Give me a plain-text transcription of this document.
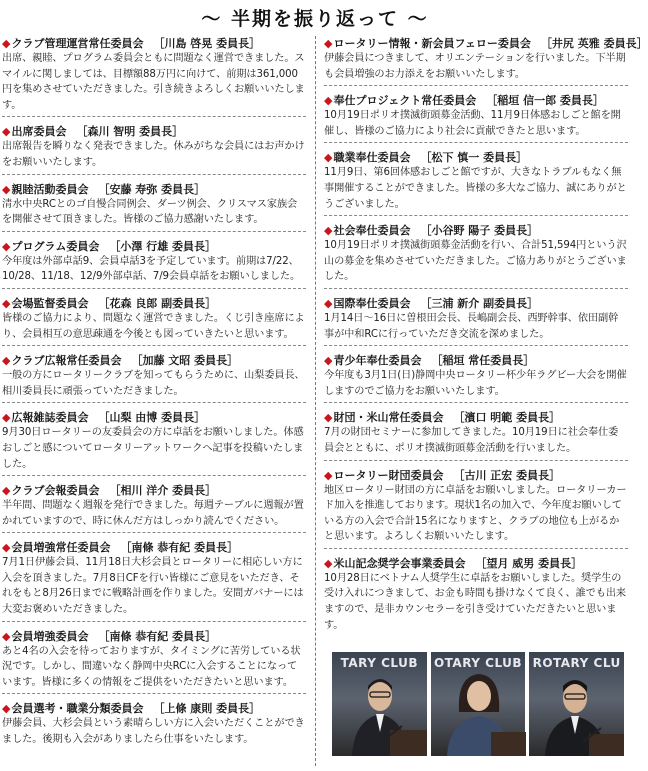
～ 半期を振り返って ～
◆クラブ管理運営常任委員会 ［川島 啓晃 委員長］
出席、親睦、プログラム委員会ともに問題なく運営できました。スマイルに関しましては、目標額88万円に向けて、前期は361,000円を集めさせていただきました。引き続きよろしくお願いいたします。
◆出席委員会 ［森川 智明 委員長］
出席報告を瞬りなく発表できました。休みがちな会員にはお声かけをお願いいたします。
◆親睦活動委員会 ［安藤 寿弥 委員長］
清水中央RCとのゴ自慢合同例会、ダーツ例会、クリスマス家族会を開催させて頂きました。皆様のご協力感謝いたします。
◆プログラム委員会 ［小澤 行雄 委員長］
今年度は外部卓話9、会員卓話3を予定しています。前期は7/22、10/28、11/18、12/9外部卓話、7/9会員卓話をお願いしました。
◆会場監督委員会 ［花森 良郎 副委員長］
皆様のご協力により、問題なく運営できました。くじ引き座席により、会員相互の意思疎通を今後とも図っていきたいと思います。
◆クラブ広報常任委員会 ［加藤 文昭 委員長］
一般の方にロータリークラブを知ってもらうために、山梨委員長、相川委員長に頑張っていただきました。
◆広報雑誌委員会 ［山梨 由博 委員長］
9月30日ロータリーの友委員会の方に卓話をお願いしました。体感おしごと感についてロータリーアットワークへ記事を投稿いたしました。
◆クラブ会報委員会 ［相川 洋介 委員長］
半年間、問題なく週報を発行できました。毎週テーブルに週報が置かれていますので、時に休んだ方はしっかり読んでください。
◆会員増強常任委員会 ［南條 恭有紀 委員長］
7月1日伊藤会員、11月18日大杉会員とロータリーに相応しい方に入会を頂きました。7月8日CFを行い皆様にご意見をいただき、それをもと8月26日までに戦略計画を作りました。安間ガバナーには大変お褒めいただきました。
◆会員増強委員会 ［南條 恭有紀 委員長］
あと4名の入会を待っておりますが、タイミングに苦労している状況です。しかし、間違いなく静岡中央RCに入会することになっています。皆様に多くの情報をご提供をいただきたいと思います。
◆会員選考・職業分類委員会 ［上條 康則 委員長］
伊藤会員、大杉会員という素晴らしい方に入会いただくことができました。後期も入会がありましたら仕事をいたします。
◆ロータリー情報・新会員フェロー委員会 ［井尻 英雅 委員長］
伊藤会員につきまして、オリエンテーションを行いました。下半期も会員増強のお力添えをお願いいたします。
◆奉仕プロジェクト常任委員会 ［稲垣 信一郎 委員長］
10月19日ポリオ撲滅街頭募金活動、11月9日体感おしごと館を開催し、皆様のご協力により社会に貢献できたと思います。
◆職業奉仕委員会 ［松下 慎一 委員長］
11月9日、第6回体感おしごと館ですが、大きなトラブルもなく無事開催することができました。皆様の多大なご協力、誠にありがとうございました。
◆社会奉仕委員会 ［小谷野 陽子 委員長］
10月19日ポリオ撲滅街頭募金活動を行い、合計51,594円という沢山の募金を集めさせていただきました。ご協力ありがとうございました。
◆国際奉仕委員会 ［三浦 新介 副委員長］
1月14日～16日に曽根田会長、長嶋副会長、西野幹事、依田副幹事が中和RCに行っていただき交流を深めました。
◆青少年奉仕委員会 ［稲垣 常任委員長］
今年度も3月1日(日)静岡中央ロータリー杯少年ラグビー大会を開催しますのでご協力をお願いいたします。
◆財団・米山常任委員会 ［濱口 明範 委員長］
7月の財団セミナーに参加してきました。10月19日に社会奉仕委員会とともに、ポリオ撲滅街頭募金活動を行いました。
◆ロータリー財団委員会 ［古川 正宏 委員長］
地区ロータリー財団の方に卓話をお願いしました。ロータリーカード加入を推進しております。現状1名の加入で、今年度お願いしている方の入会で合計15名になりますと、クラブの地位も上がるかと思います。よろしくお願いいたします。
◆米山記念奨学会事業委員会 ［望月 威男 委員長］
10月28日にベトナム人奨学生に卓話をお願いしました。奨学生の受け入れにつきまして、お金も時間も掛けなくて良く、誰でも出来ますので、是非カウンセラーを引き受けていただきたいと思います。
TARY CLUB	OTARY CLUB ROTARY CLU
